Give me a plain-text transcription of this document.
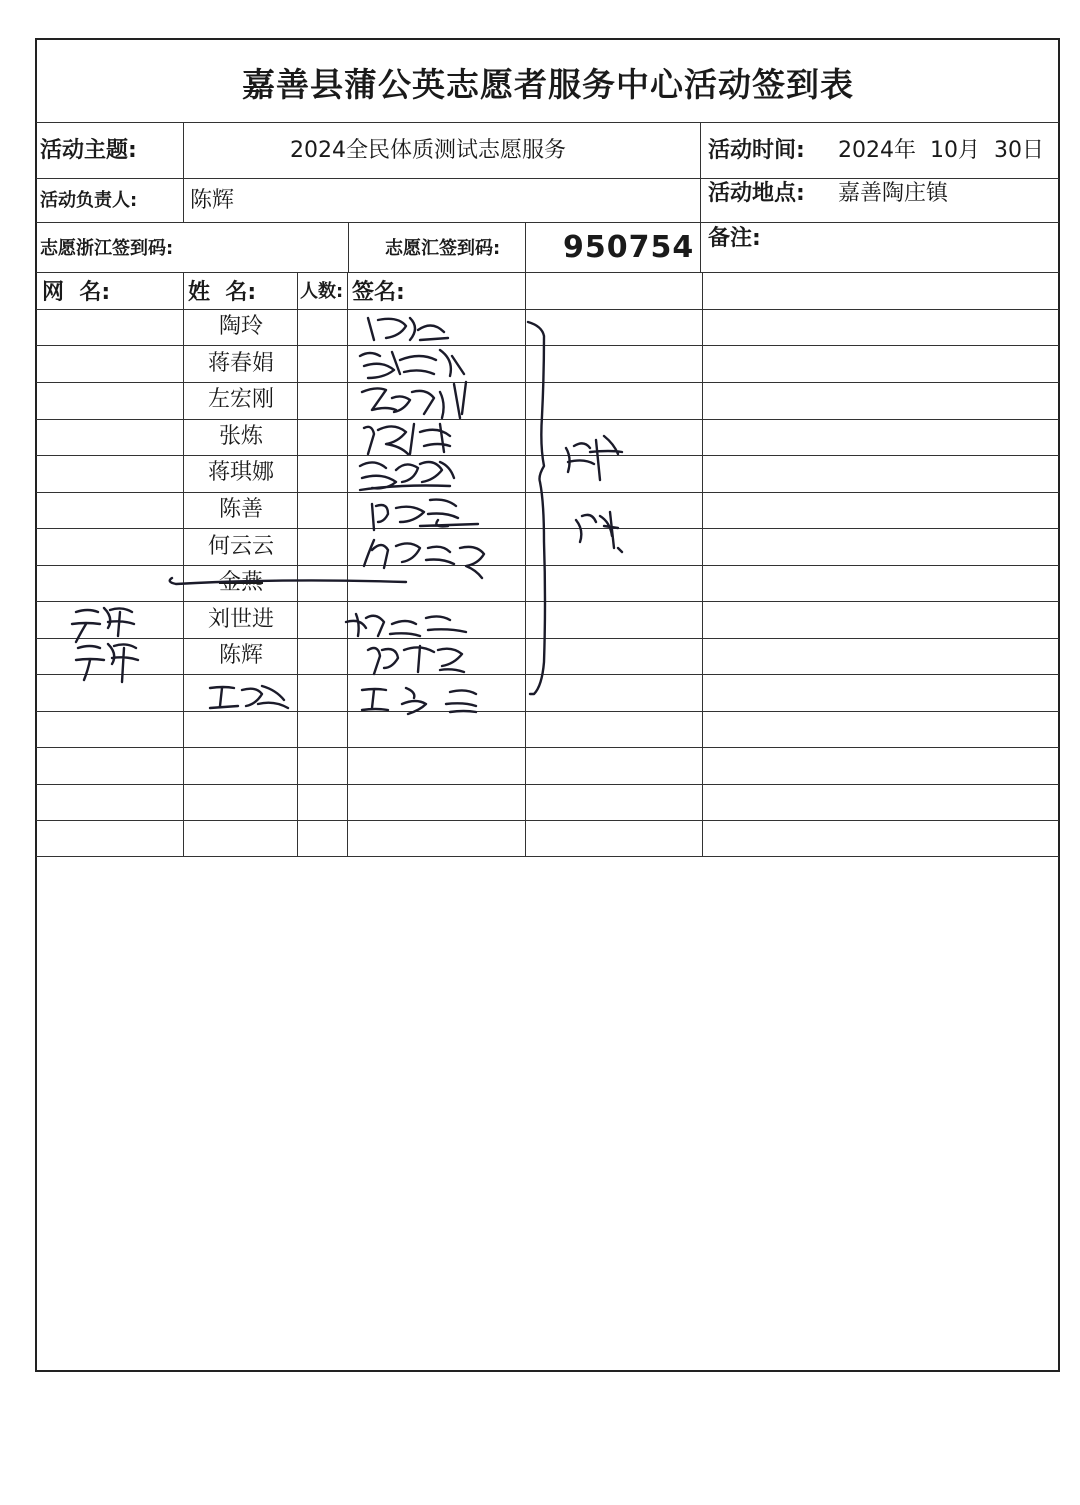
嘉善县蒲公英志愿者服务中心活动签到表
活动主题:	2024全民体质测试志愿服务	活动时间: 2024年  10月  30日
活动负责人: 陈辉	活动地点: 嘉善陶庄镇
志愿浙江签到码:	志愿汇签到码: 950754 备注:
网  名:	姓  名: 人数: 签名:
陶玲
蒋春娟
左宏刚
张炼
蒋琪娜
陈善
何云云
金燕
刘世进
陈辉
